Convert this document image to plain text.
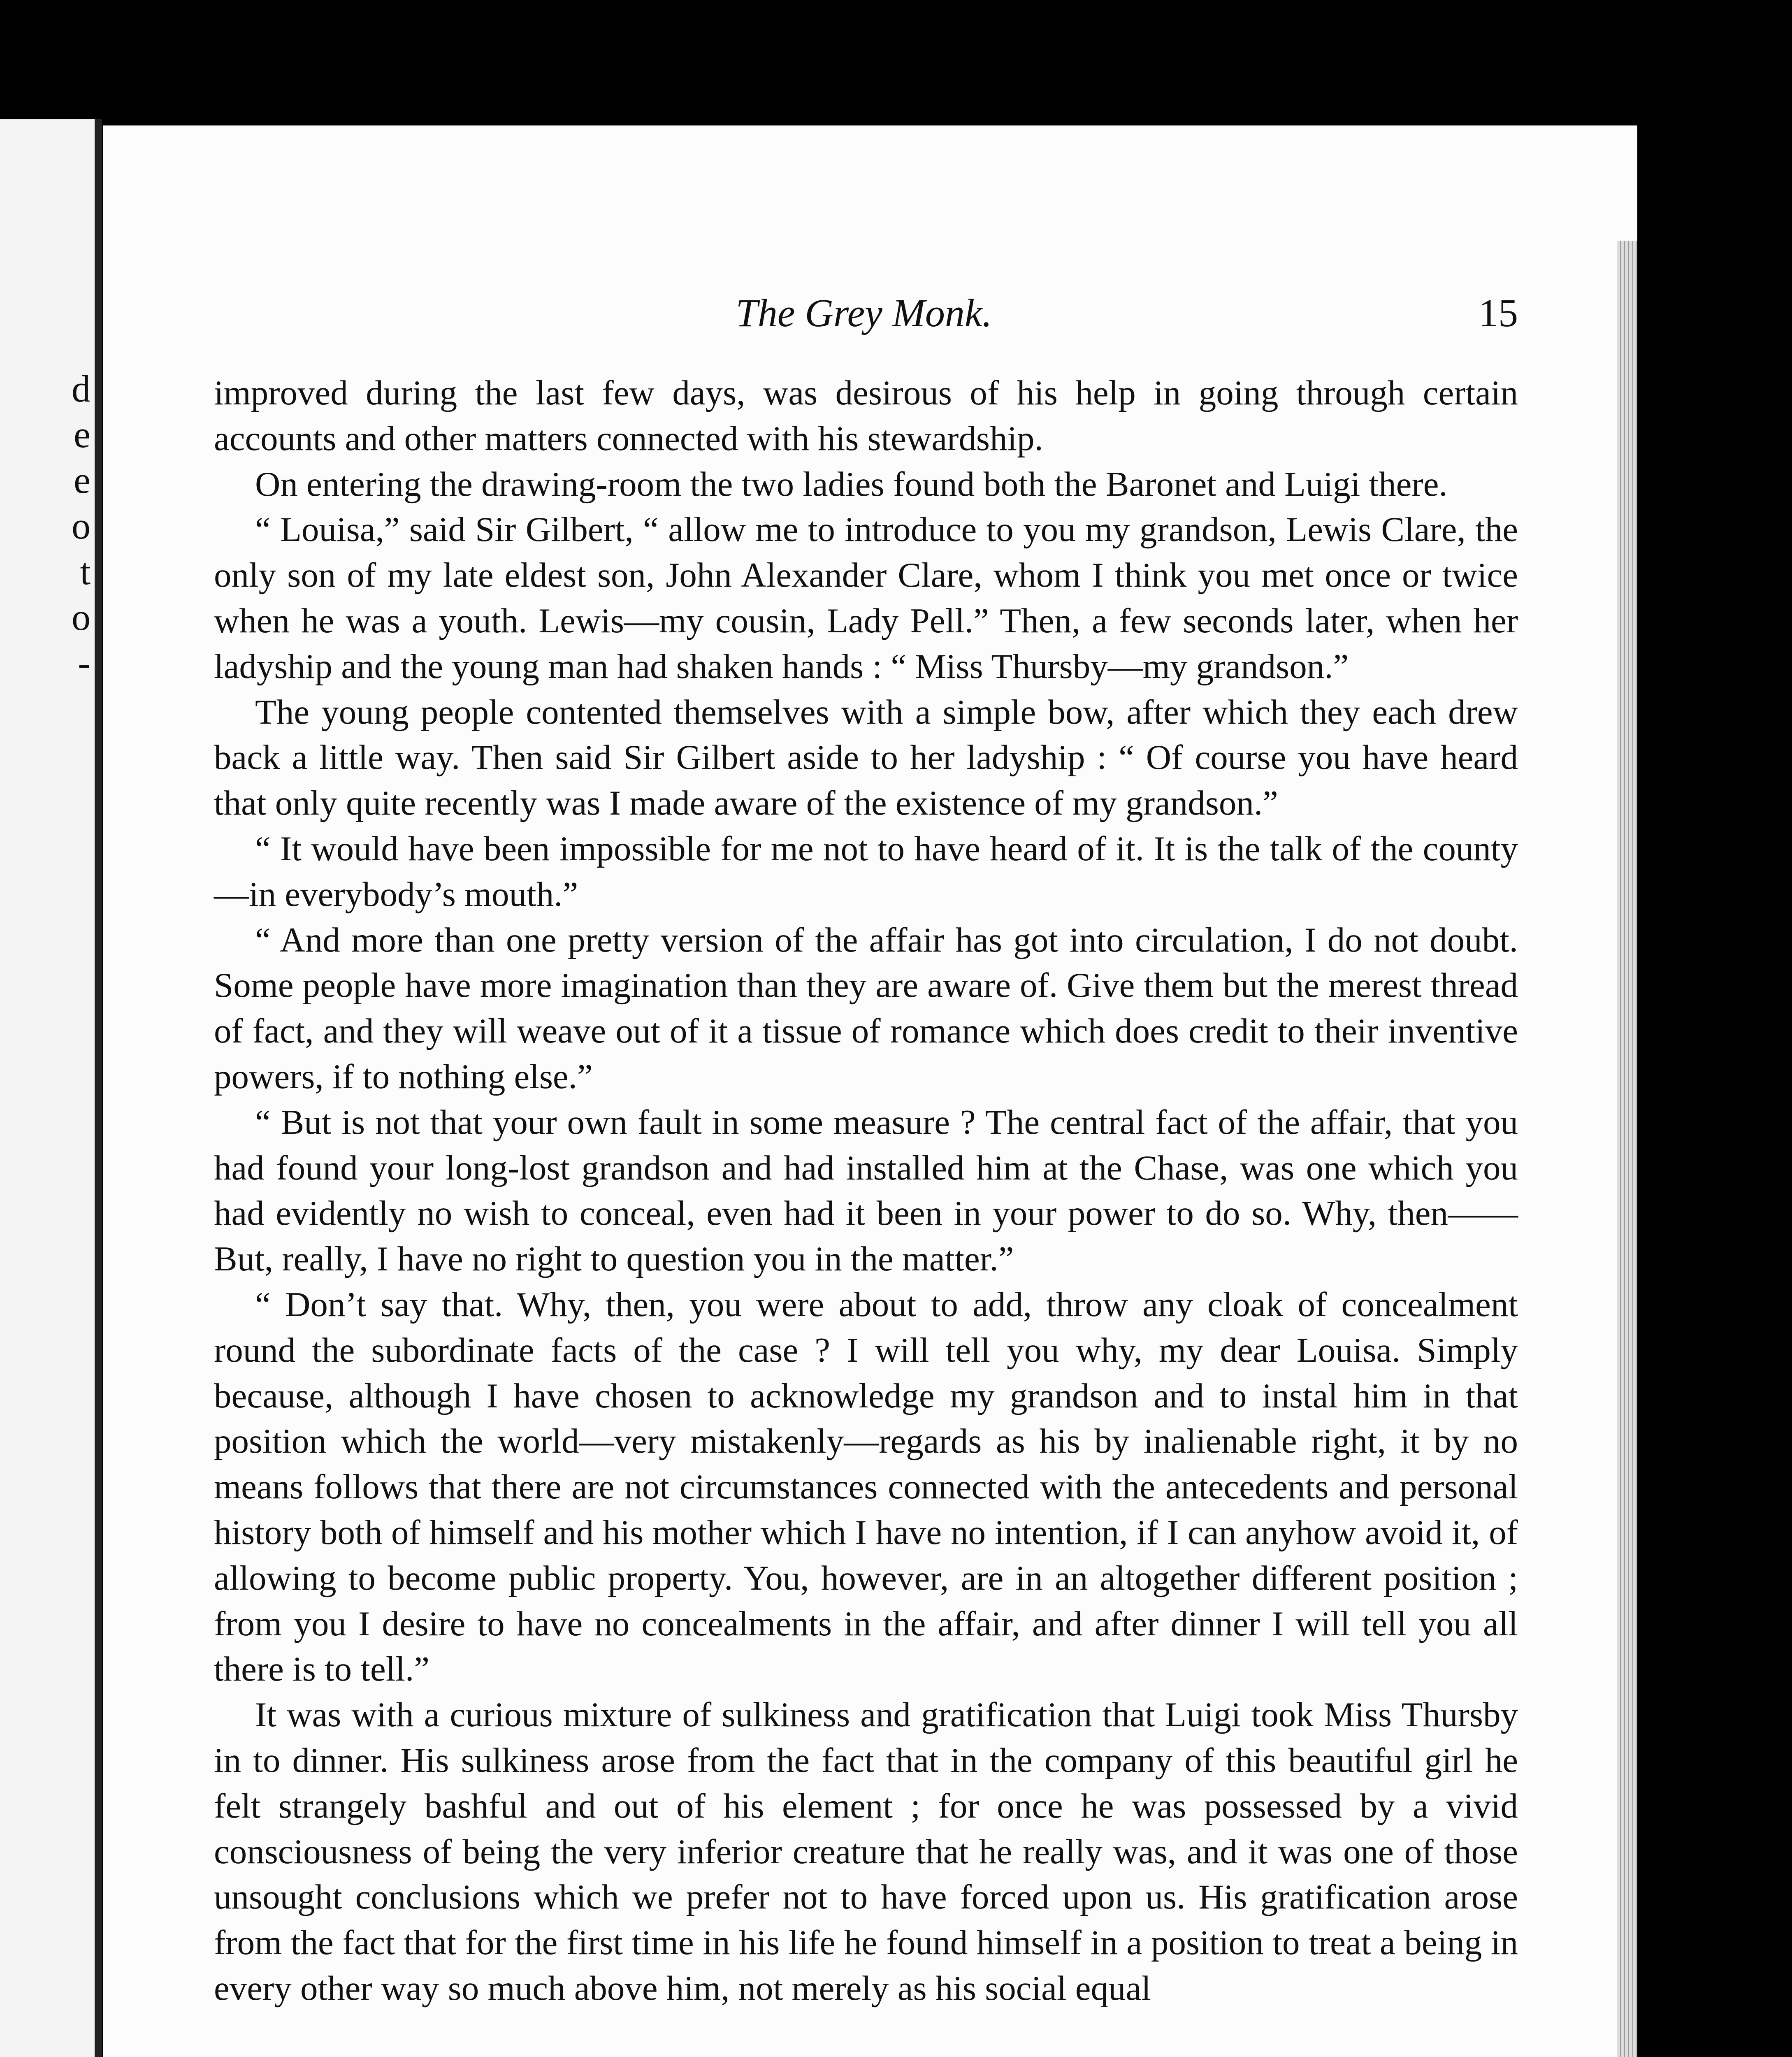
d
e
e
o
t
o
-
The Grey Monk.	15

improved during the last few days, was desirous of his help in going through certain accounts and other matters connected with his stewardship.

On entering the drawing-room the two ladies found both the Baronet and Luigi there.

“ Louisa,” said Sir Gilbert, “ allow me to introduce to you my grandson, Lewis Clare, the only son of my late eldest son, John Alexander Clare, whom I think you met once or twice when he was a youth. Lewis—my cousin, Lady Pell.” Then, a few seconds later, when her ladyship and the young man had shaken hands : “ Miss Thursby—my grandson.”

The young people contented themselves with a simple bow, after which they each drew back a little way. Then said Sir Gilbert aside to her ladyship : “ Of course you have heard that only quite recently was I made aware of the existence of my grandson.”

“ It would have been impossible for me not to have heard of it. It is the talk of the county—in everybody’s mouth.”

“ And more than one pretty version of the affair has got into circulation, I do not doubt. Some people have more imagination than they are aware of. Give them but the merest thread of fact, and they will weave out of it a tissue of romance which does credit to their inventive powers, if to nothing else.”

“ But is not that your own fault in some measure ? The central fact of the affair, that you had found your long-lost grandson and had installed him at the Chase, was one which you had evidently no wish to conceal, even had it been in your power to do so. Why, then—— But, really, I have no right to question you in the matter.”

“ Don’t say that. Why, then, you were about to add, throw any cloak of concealment round the subordinate facts of the case ? I will tell you why, my dear Louisa. Simply because, although I have chosen to acknowledge my grandson and to instal him in that position which the world—very mistakenly—regards as his by inalienable right, it by no means follows that there are not circumstances connected with the antecedents and personal history both of himself and his mother which I have no intention, if I can anyhow avoid it, of allowing to become public property. You, however, are in an altogether different position ; from you I desire to have no concealments in the affair, and after dinner I will tell you all there is to tell.”

It was with a curious mixture of sulkiness and gratification that Luigi took Miss Thursby in to dinner. His sulkiness arose from the fact that in the company of this beautiful girl he felt strangely bashful and out of his element ; for once he was possessed by a vivid consciousness of being the very inferior creature that he really was, and it was one of those unsought conclusions which we prefer not to have forced upon us. His gratification arose from the fact that for the first time in his life he found himself in a position to treat a being in every other way so much above him, not merely as his social equal
